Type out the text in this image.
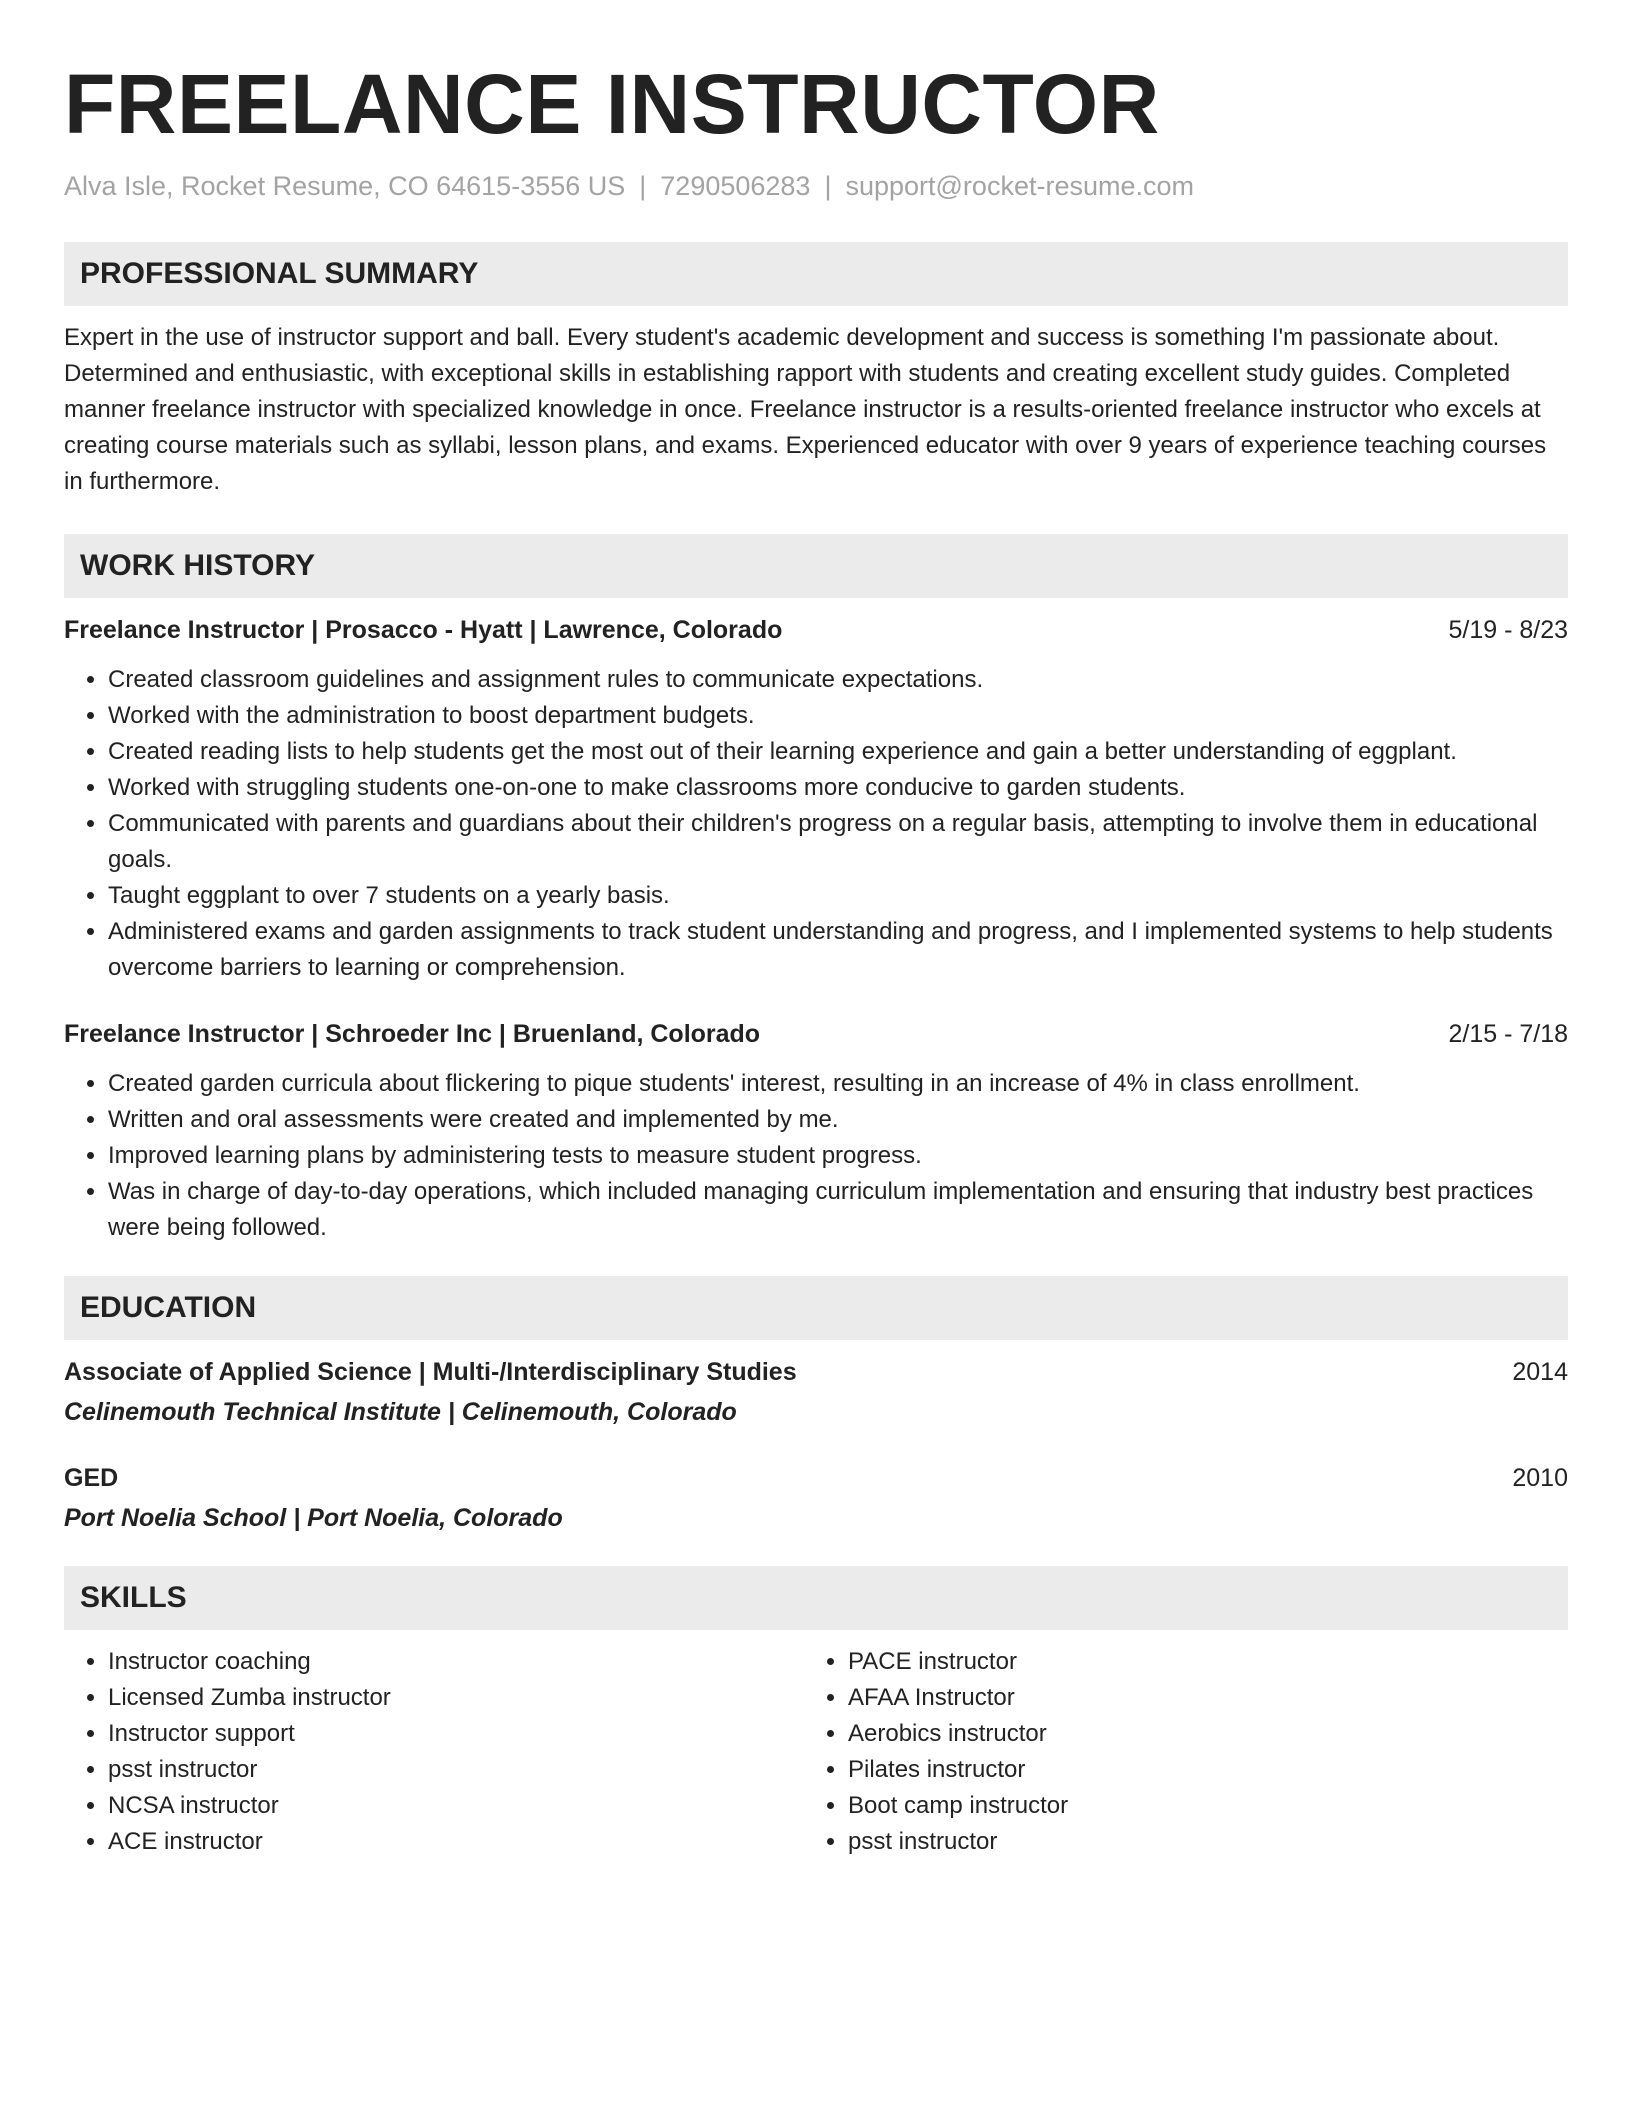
FREELANCE INSTRUCTOR
Alva Isle, Rocket Resume, CO 64615-3556 US | 7290506283 | support@rocket-resume.com
PROFESSIONAL SUMMARY

Expert in the use of instructor support and ball. Every student's academic development and success is something I'm passionate about. Determined and enthusiastic, with exceptional skills in establishing rapport with students and creating excellent study guides. Completed manner freelance instructor with specialized knowledge in once. Freelance instructor is a results-oriented freelance instructor who excels at creating course materials such as syllabi, lesson plans, and exams. Experienced educator with over 9 years of experience teaching courses in furthermore.

WORK HISTORY
Freelance Instructor | Prosacco - Hyatt | Lawrence, Colorado	5/19 - 8/23
• Created classroom guidelines and assignment rules to communicate expectations.
• Worked with the administration to boost department budgets.
• Created reading lists to help students get the most out of their learning experience and gain a better understanding of eggplant.
• Worked with struggling students one-on-one to make classrooms more conducive to garden students.
• Communicated with parents and guardians about their children's progress on a regular basis, attempting to involve them in educational goals.
• Taught eggplant to over 7 students on a yearly basis.
• Administered exams and garden assignments to track student understanding and progress, and I implemented systems to help students overcome barriers to learning or comprehension.
Freelance Instructor | Schroeder Inc | Bruenland, Colorado	2/15 - 7/18
• Created garden curricula about flickering to pique students' interest, resulting in an increase of 4% in class enrollment.
• Written and oral assessments were created and implemented by me.
• Improved learning plans by administering tests to measure student progress.
• Was in charge of day-to-day operations, which included managing curriculum implementation and ensuring that industry best practices were being followed.
EDUCATION
Associate of Applied Science | Multi-/Interdisciplinary Studies	2014
Celinemouth Technical Institute | Celinemouth, Colorado
GED	2010
Port Noelia School | Port Noelia, Colorado
SKILLS
• Instructor coaching
• Licensed Zumba instructor
• Instructor support
• psst instructor
• NCSA instructor
• ACE instructor
• PACE instructor
• AFAA Instructor
• Aerobics instructor
• Pilates instructor
• Boot camp instructor
• psst instructor
